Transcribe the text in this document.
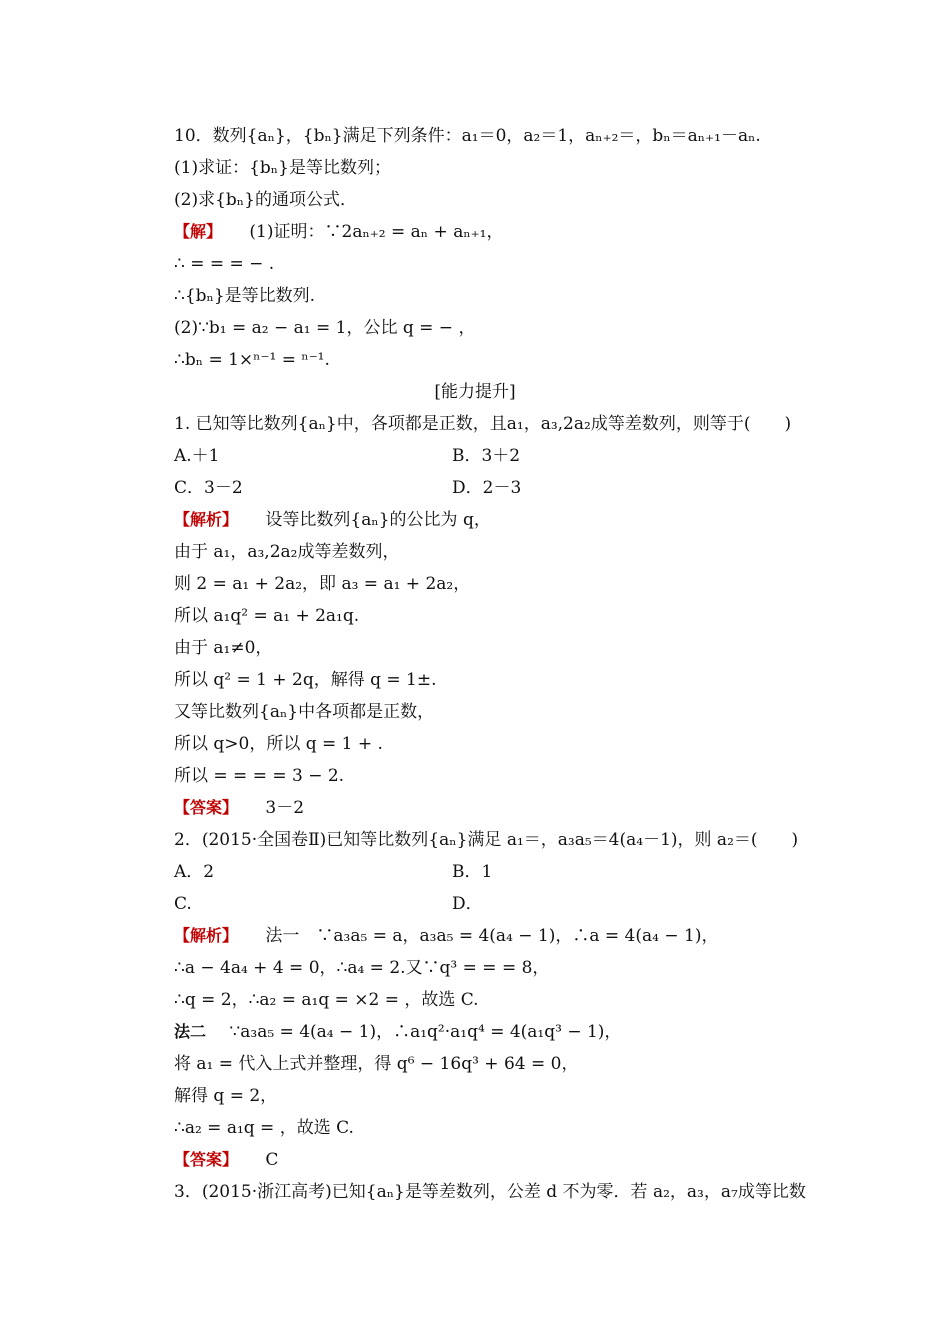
10．数列{aₙ}，{bₙ}满足下列条件：a₁＝0，a₂＝1，aₙ₊₂＝，bₙ＝aₙ₊₁－aₙ.
(1)求证：{bₙ}是等比数列；
(2)求{bₙ}的通项公式．
【解】 (1)证明：∵2aₙ₊₂ = aₙ + aₙ₊₁，
∴ = = = − .
∴{bₙ}是等比数列.
(2)∵b₁ = a₂ − a₁ = 1，公比 q = − ，
∴bₙ = 1×ⁿ⁻¹ = ⁿ⁻¹.
[能力提升]
1. 已知等比数列{aₙ}中，各项都是正数，且a₁，a₃,2a₂成等差数列，则等于(　　)
A.＋1	B．3＋2
C．3－2	D．2－3
【解析】 设等比数列{aₙ}的公比为 q，
由于 a₁，a₃,2a₂成等差数列，
则 2 = a₁ + 2a₂，即 a₃ = a₁ + 2a₂，
所以 a₁q² = a₁ + 2a₁q.
由于 a₁≠0，
所以 q² = 1 + 2q，解得 q = 1±.
又等比数列{aₙ}中各项都是正数，
所以 q>0，所以 q = 1 + .
所以 = = = = 3 − 2.
【答案】 3－2
2．(2015·全国卷Ⅱ)已知等比数列{aₙ}满足 a₁＝，a₃a₅＝4(a₄－1)，则 a₂＝(　　)
A．2	B．1
C.	D．
【解析】 法一　∵a₃a₅ = a，a₃a₅ = 4(a₄ − 1)，∴a = 4(a₄ − 1)，
∴a − 4a₄ + 4 = 0，∴a₄ = 2.又∵q³ = = = 8，
∴q = 2，∴a₂ = a₁q = ×2 = ，故选 C.
法二 ∵a₃a₅ = 4(a₄ − 1)，∴a₁q²·a₁q⁴ = 4(a₁q³ − 1)，
将 a₁ = 代入上式并整理，得 q⁶ − 16q³ + 64 = 0，
解得 q = 2，
∴a₂ = a₁q = ，故选 C.
【答案】 C
3．(2015·浙江高考)已知{aₙ}是等差数列，公差 d 不为零．若 a₂，a₃，a₇成等比数
